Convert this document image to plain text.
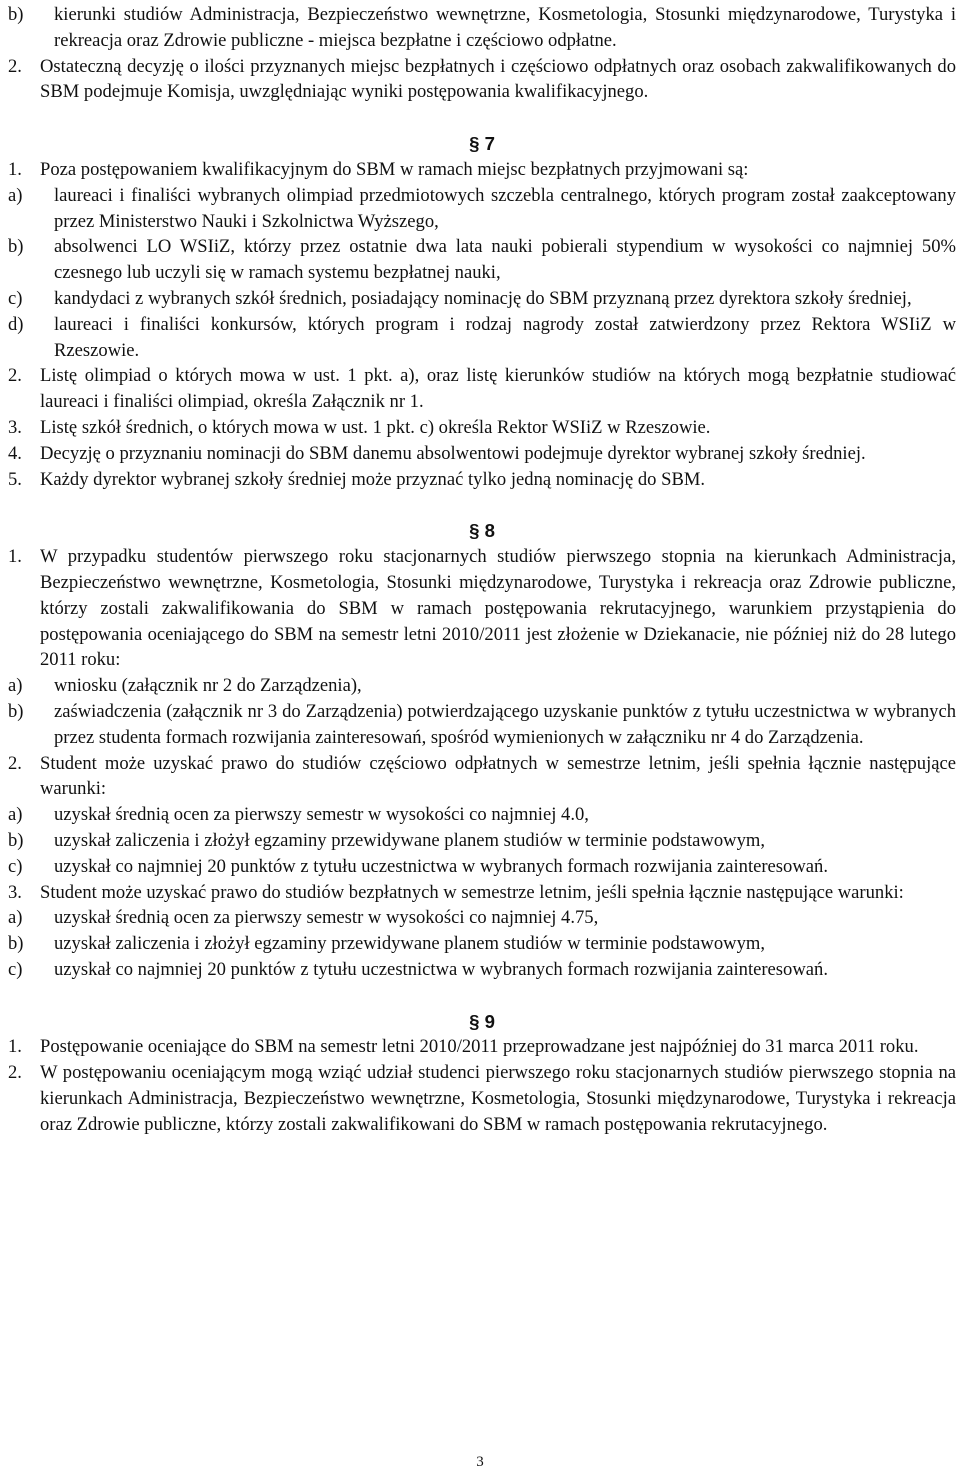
b)	kierunki studiów Administracja, Bezpieczeństwo wewnętrzne, Kosmetologia, Stosunki międzynarodowe, Turystyka i rekreacja oraz Zdrowie publiczne - miejsca bezpłatne i częściowo odpłatne.
2. Ostateczną decyzję o ilości przyznanych miejsc bezpłatnych i częściowo odpłatnych oraz osobach zakwalifikowanych do SBM podejmuje Komisja, uwzględniając wyniki postępowania kwalifikacyjnego.
§ 7
1. Poza postępowaniem kwalifikacyjnym do SBM w ramach miejsc bezpłatnych przyjmowani są:
a)	laureaci i finaliści wybranych olimpiad przedmiotowych szczebla centralnego, których program został zaakceptowany przez Ministerstwo Nauki i Szkolnictwa Wyższego,
b)	absolwenci LO WSIiZ, którzy przez ostatnie dwa lata nauki pobierali stypendium w wysokości co najmniej 50% czesnego lub uczyli się w ramach systemu bezpłatnej nauki,
c)	kandydaci z wybranych szkół średnich, posiadający nominację do SBM przyznaną przez dyrektora szkoły średniej,
d)	laureaci i finaliści konkursów, których program i rodzaj nagrody został zatwierdzony przez Rektora WSIiZ w Rzeszowie.
2. Listę olimpiad o których mowa w ust. 1 pkt. a), oraz listę kierunków studiów na których mogą bezpłatnie studiować laureaci i finaliści olimpiad, określa Załącznik nr 1.
3. Listę szkół średnich, o których mowa w ust. 1 pkt. c) określa Rektor WSIiZ w Rzeszowie.
4. Decyzję o przyznaniu nominacji do SBM danemu absolwentowi podejmuje dyrektor wybranej szkoły średniej.
5. Każdy dyrektor wybranej szkoły średniej może przyznać tylko jedną nominację do SBM.
§ 8
1. W przypadku studentów pierwszego roku stacjonarnych studiów pierwszego stopnia na kierunkach Administracja, Bezpieczeństwo wewnętrzne, Kosmetologia, Stosunki międzynarodowe, Turystyka i rekreacja oraz Zdrowie publiczne, którzy zostali zakwalifikowania do SBM w ramach postępowania rekrutacyjnego, warunkiem przystąpienia do postępowania oceniającego do SBM na semestr letni 2010/2011 jest złożenie w Dziekanacie, nie później niż do 28 lutego 2011 roku:
a)	wniosku (załącznik nr 2 do Zarządzenia),
b)	zaświadczenia (załącznik nr 3 do Zarządzenia) potwierdzającego uzyskanie punktów z tytułu uczestnictwa w wybranych przez studenta formach rozwijania zainteresowań, spośród wymienionych w załączniku nr 4 do Zarządzenia.
2. Student może uzyskać prawo do studiów częściowo odpłatnych w semestrze letnim, jeśli spełnia łącznie następujące warunki:
a)	uzyskał średnią ocen za pierwszy semestr w wysokości co najmniej 4.0,
b)	uzyskał zaliczenia i złożył egzaminy przewidywane planem studiów w terminie podstawowym,
c)	uzyskał co najmniej 20 punktów z tytułu uczestnictwa w wybranych formach rozwijania zainteresowań.
3. Student może uzyskać prawo do studiów bezpłatnych w semestrze letnim, jeśli spełnia łącznie następujące warunki:
a)	uzyskał średnią ocen za pierwszy semestr w wysokości co najmniej 4.75,
b)	uzyskał zaliczenia i złożył egzaminy przewidywane planem studiów w terminie podstawowym,
c)	uzyskał co najmniej 20 punktów z tytułu uczestnictwa w wybranych formach rozwijania zainteresowań.
§ 9
1. Postępowanie oceniające do SBM na semestr letni 2010/2011 przeprowadzane jest najpóźniej do 31 marca 2011 roku.
2. W postępowaniu oceniającym mogą wziąć udział studenci pierwszego roku stacjonarnych studiów pierwszego stopnia na kierunkach Administracja, Bezpieczeństwo wewnętrzne, Kosmetologia, Stosunki międzynarodowe, Turystyka i rekreacja oraz Zdrowie publiczne, którzy zostali zakwalifikowani do SBM w ramach postępowania rekrutacyjnego.
3
